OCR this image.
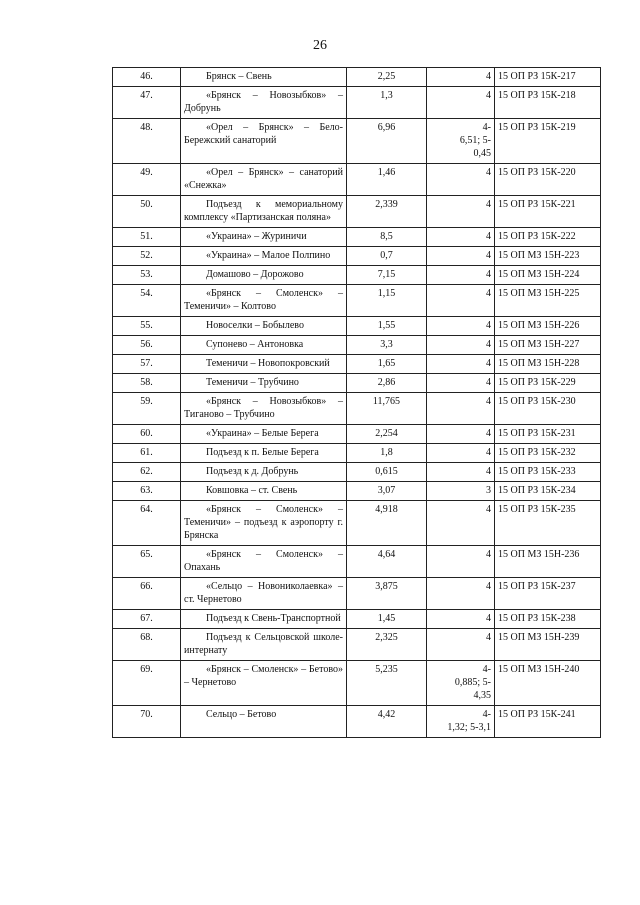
26
46.	Брянск – Свень	2,25	4	15 ОП РЗ 15К-217
47.	«Брянск – Новозыбков» – Добрунь	1,3	4	15 ОП РЗ 15К-218
48.	«Орел – Брянск» – Бело-Бережский санаторий	6,96	4-
6,51; 5-
0,45	15 ОП РЗ 15К-219
49.	«Орел – Брянск» – санаторий «Снежка»	1,46	4	15 ОП РЗ 15К-220
50.	Подъезд к мемориальному комплексу «Партизанская поляна»	2,339	4	15 ОП РЗ 15К-221
51.	«Украина» – Журиничи	8,5	4	15 ОП РЗ 15К-222
52.	«Украина» – Малое Полпино	0,7	4	15 ОП МЗ 15Н-223
53.	Домашово – Дорожово	7,15	4	15 ОП МЗ 15Н-224
54.	«Брянск – Смоленск» – Теменичи» – Колтово	1,15	4	15 ОП МЗ 15Н-225
55.	Новоселки – Бобылево	1,55	4	15 ОП МЗ 15Н-226
56.	Супонево – Антоновка	3,3	4	15 ОП МЗ 15Н-227
57.	Теменичи – Новопокровский	1,65	4	15 ОП МЗ 15Н-228
58.	Теменичи – Трубчино	2,86	4	15 ОП РЗ 15К-229
59.	«Брянск – Новозыбков» – Тиганово – Трубчино	11,765	4	15 ОП РЗ 15К-230
60.	«Украина» – Белые Берега	2,254	4	15 ОП РЗ 15К-231
61.	Подъезд к п. Белые Берега	1,8	4	15 ОП РЗ 15К-232
62.	Подъезд к д. Добрунь	0,615	4	15 ОП РЗ 15К-233
63.	Ковшовка – ст. Свень	3,07	3	15 ОП РЗ 15К-234
64.	«Брянск – Смоленск» – Теменичи» – подъезд к аэропорту г. Брянска	4,918	4	15 ОП РЗ 15К-235
65.	«Брянск – Смоленск» – Опахань	4,64	4	15 ОП МЗ 15Н-236
66.	«Сельцо – Новониколаевка» – ст. Чернетово	3,875	4	15 ОП РЗ 15К-237
67.	Подъезд к Свень-Транспортной	1,45	4	15 ОП РЗ 15К-238
68.	Подъезд к Сельцовской школе-интернату	2,325	4	15 ОП МЗ 15Н-239
69.	«Брянск – Смоленск» – Бетово» – Чернетово	5,235	4-
0,885; 5-
4,35	15 ОП МЗ 15Н-240
70.	Сельцо – Бетово	4,42	4-
1,32; 5-3,1	15 ОП РЗ 15К-241
